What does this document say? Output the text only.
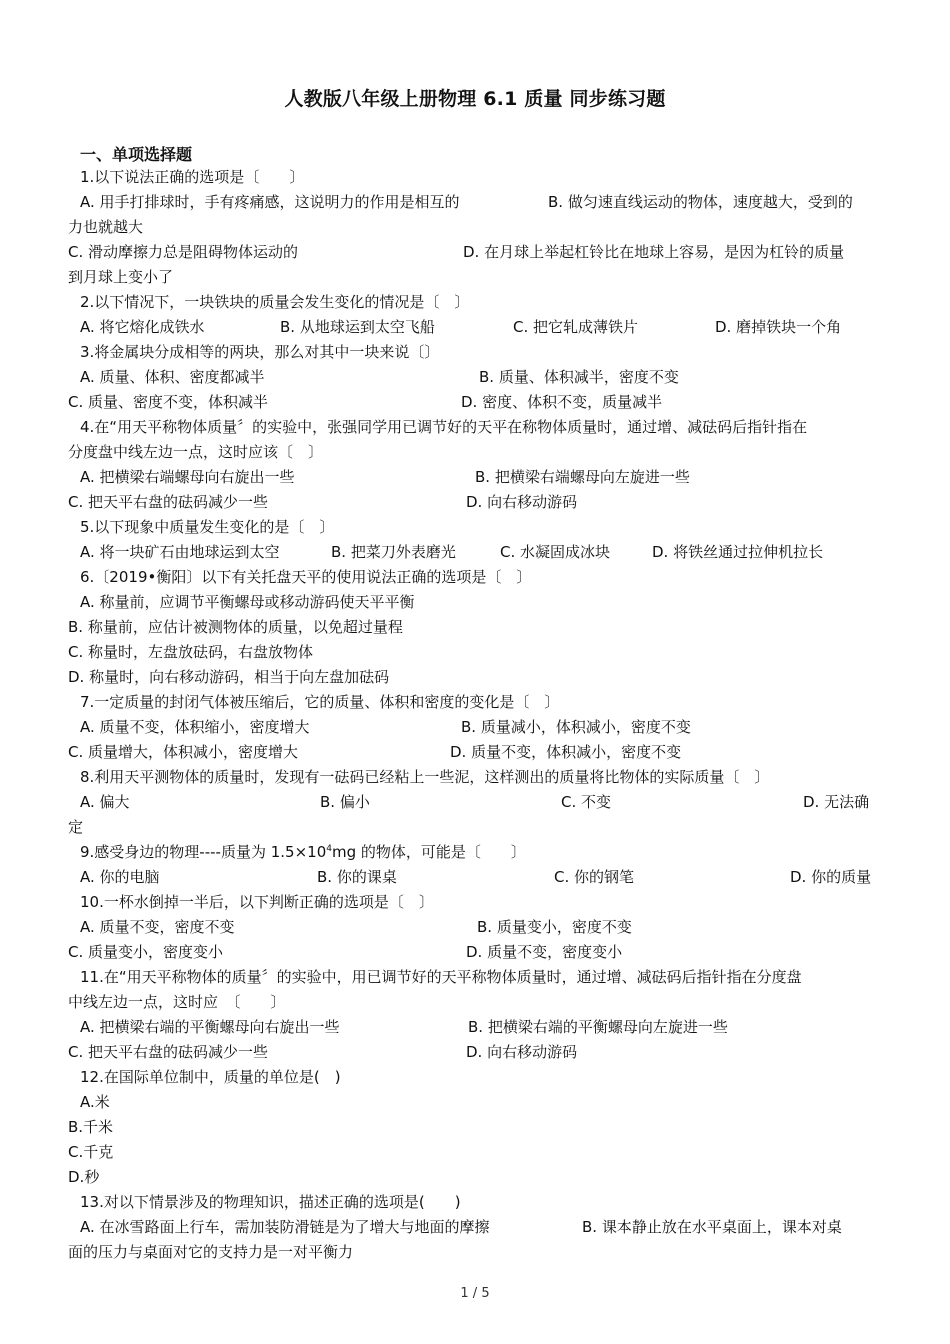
人教版八年级上册物理 6.1 质量 同步练习题
一、单项选择题
1.以下说法正确的选项是〔　　〕
A. 用手打排球时，手有疼痛感，这说明力的作用是相互的	B. 做匀速直线运动的物体，速度越大，受到的
力也就越大
C. 滑动摩擦力总是阻碍物体运动的	D. 在月球上举起杠铃比在地球上容易，是因为杠铃的质量
到月球上变小了
2.以下情况下，一块铁块的质量会发生变化的情况是〔　〕
A. 将它熔化成铁水	B. 从地球运到太空飞船	C. 把它轧成薄铁片	D. 磨掉铁块一个角
3.将金属块分成相等的两块，那么对其中一块来说〔〕
A. 质量、体积、密度都减半	B. 质量、体积减半，密度不变
C. 质量、密度不变，体积减半	D. 密度、体积不变，质量减半
4.在“用天平称物体质量〞的实验中，张强同学用已调节好的天平在称物体质量时，通过增、减砝码后指针指在
分度盘中线左边一点，这时应该〔　〕
A. 把横梁右端螺母向右旋出一些	B. 把横梁右端螺母向左旋进一些
C. 把天平右盘的砝码减少一些	D. 向右移动游码
5.以下现象中质量发生变化的是〔　〕
A. 将一块矿石由地球运到太空	B. 把菜刀外表磨光	C. 水凝固成冰块	D. 将铁丝通过拉伸机拉长
6.〔2019•衡阳〕以下有关托盘天平的使用说法正确的选项是〔　〕
A. 称量前，应调节平衡螺母或移动游码使天平平衡
B. 称量前，应估计被测物体的质量，以免超过量程
C. 称量时，左盘放砝码，右盘放物体
D. 称量时，向右移动游码，相当于向左盘加砝码
7.一定质量的封闭气体被压缩后，它的质量、体积和密度的变化是〔　〕
A. 质量不变，体积缩小，密度增大	B. 质量减小，体积减小，密度不变
C. 质量增大，体积减小，密度增大	D. 质量不变，体积减小，密度不变
8.利用天平测物体的质量时，发现有一砝码已经粘上一些泥，这样测出的质量将比物体的实际质量〔　〕
A. 偏大	B. 偏小	C. 不变	D. 无法确
定
9.感受身边的物理----质量为 $1.5\times 10^4mg$ 的物体，可能是〔　　〕
A. 你的电脑	B. 你的课桌	C. 你的钢笔	D. 你的质量
10.一杯水倒掉一半后，以下判断正确的选项是〔　〕
A. 质量不变，密度不变	B. 质量变小，密度不变
C. 质量变小，密度变小	D. 质量不变，密度变小
11.在“用天平称物体的质量〞的实验中，用已调节好的天平称物体质量时，通过增、减砝码后指针指在分度盘
中线左边一点，这时应　〔　　〕
A. 把横梁右端的平衡螺母向右旋出一些	B. 把横梁右端的平衡螺母向左旋进一些
C. 把天平右盘的砝码减少一些	D. 向右移动游码
12.在国际单位制中，质量的单位是(　)
A.米
B.千米
C.千克
D.秒
13.对以下情景涉及的物理知识，描述正确的选项是(　　)
A. 在冰雪路面上行车，需加装防滑链是为了增大与地面的摩擦	B. 课本静止放在水平桌面上，课本对桌
面的压力与桌面对它的支持力是一对平衡力
1 / 5
